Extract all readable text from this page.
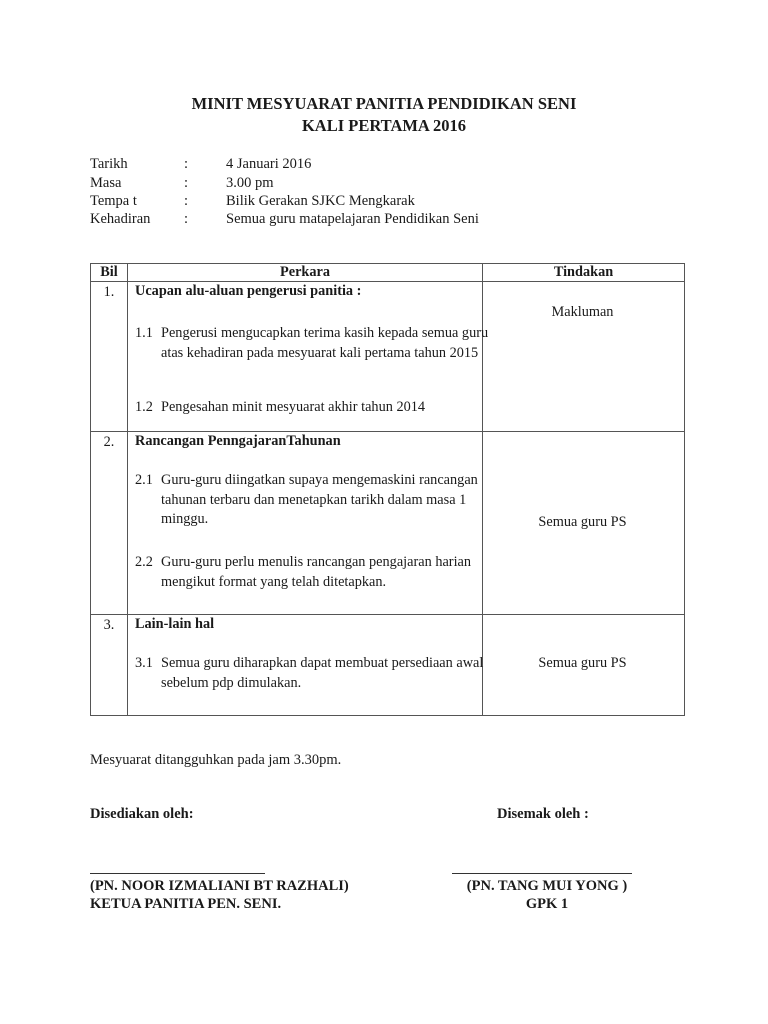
MINIT MESYUARAT PANITIA PENDIDIKAN SENI
KALI PERTAMA 2016
Tarikh	:	4 Januari 2016
Masa	:	3.00 pm
Tempa t	:	Bilik Gerakan SJKC Mengkarak
Kehadiran :	Semua guru matapelajaran Pendidikan Seni
Bil	Perkara	Tindakan
1.	Ucapan alu-aluan pengerusi panitia :
1.1 Pengerusi mengucapkan terima kasih kepada semua guru atas kehadiran pada mesyuarat kali pertama tahun 2015
1.2 Pengesahan minit mesyuarat akhir tahun 2014	Makluman

2.	Rancangan PenngajaranTahunan
2.1 Guru-guru diingatkan supaya mengemaskini rancangan tahunan terbaru dan menetapkan tarikh dalam masa 1 minggu.
2.2 Guru-guru perlu menulis rancangan pengajaran harian mengikut format yang telah ditetapkan.	Semua guru PS

3.	Lain-lain hal
3.1 Semua guru diharapkan dapat membuat persediaan awal sebelum pdp dimulakan.	Semua guru PS
Mesyuarat ditangguhkan pada jam 3.30pm.
Disediakan oleh:	Disemak oleh :
(PN. NOOR IZMALIANI BT RAZHALI)
KETUA PANITIA PEN. SENI.
(PN. TANG MUI YONG )
GPK 1
